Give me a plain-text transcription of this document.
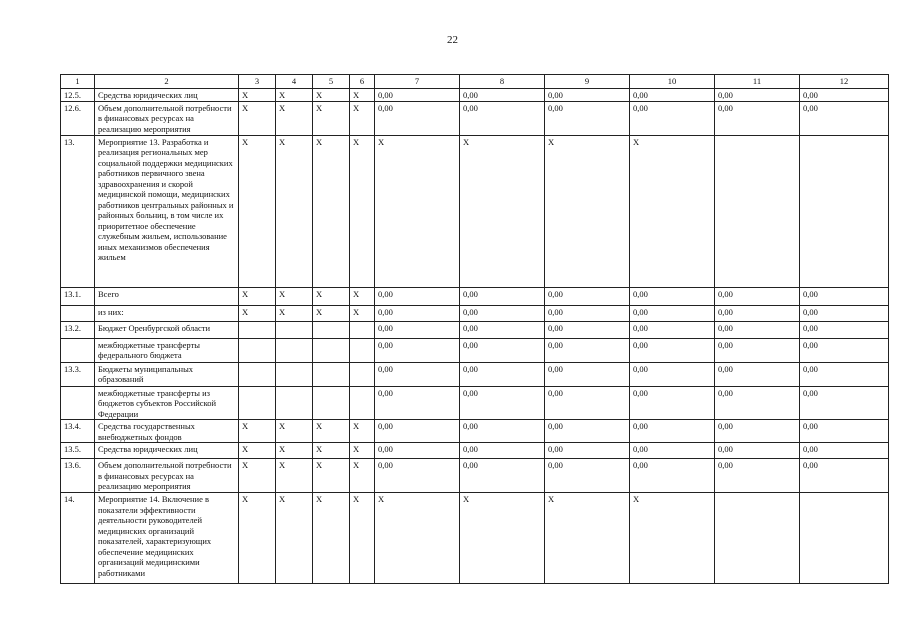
22
1	2	3	4	5	6	7	8	9	10	11	12
12.5.	Средства юридических лиц	X	X	X	X	0,00	0,00	0,00	0,00	0,00	0,00
12.6.	Объем дополнительной потребности в финансовых ресурсах на реализацию мероприятия	X	X	X	X	0,00	0,00	0,00	0,00	0,00	0,00
13.	Мероприятие 13. Разработка и реализация региональных мер социальной поддержки медицинских работников первичного звена здравоохранения и скорой медицинской помощи, медицинских работников центральных районных и районных больниц, в том числе их приоритетное обеспечение служебным жильем, использование иных механизмов обеспечения жильем	X	X	X	X	X	X	X	X		
13.1.	Всего	X	X	X	X	0,00	0,00	0,00	0,00	0,00	0,00
	из них:	X	X	X	X	0,00	0,00	0,00	0,00	0,00	0,00
13.2.	Бюджет Оренбургской области					0,00	0,00	0,00	0,00	0,00	0,00
	межбюджетные трансферты федерального бюджета					0,00	0,00	0,00	0,00	0,00	0,00
13.3.	Бюджеты муниципальных образований					0,00	0,00	0,00	0,00	0,00	0,00
	межбюджетные трансферты из бюджетов субъектов Российской Федерации					0,00	0,00	0,00	0,00	0,00	0,00
13.4.	Средства государственных внебюджетных фондов	X	X	X	X	0,00	0,00	0,00	0,00	0,00	0,00
13.5.	Средства юридических лиц	X	X	X	X	0,00	0,00	0,00	0,00	0,00	0,00
13.6.	Объем дополнительной потребности в финансовых ресурсах на реализацию мероприятия	X	X	X	X	0,00	0,00	0,00	0,00	0,00	0,00
14.	Мероприятие 14. Включение в показатели эффективности деятельности руководителей медицинских организаций показателей, характеризующих обеспечение медицинских организаций медицинскими работниками	X	X	X	X	X	X	X	X		
